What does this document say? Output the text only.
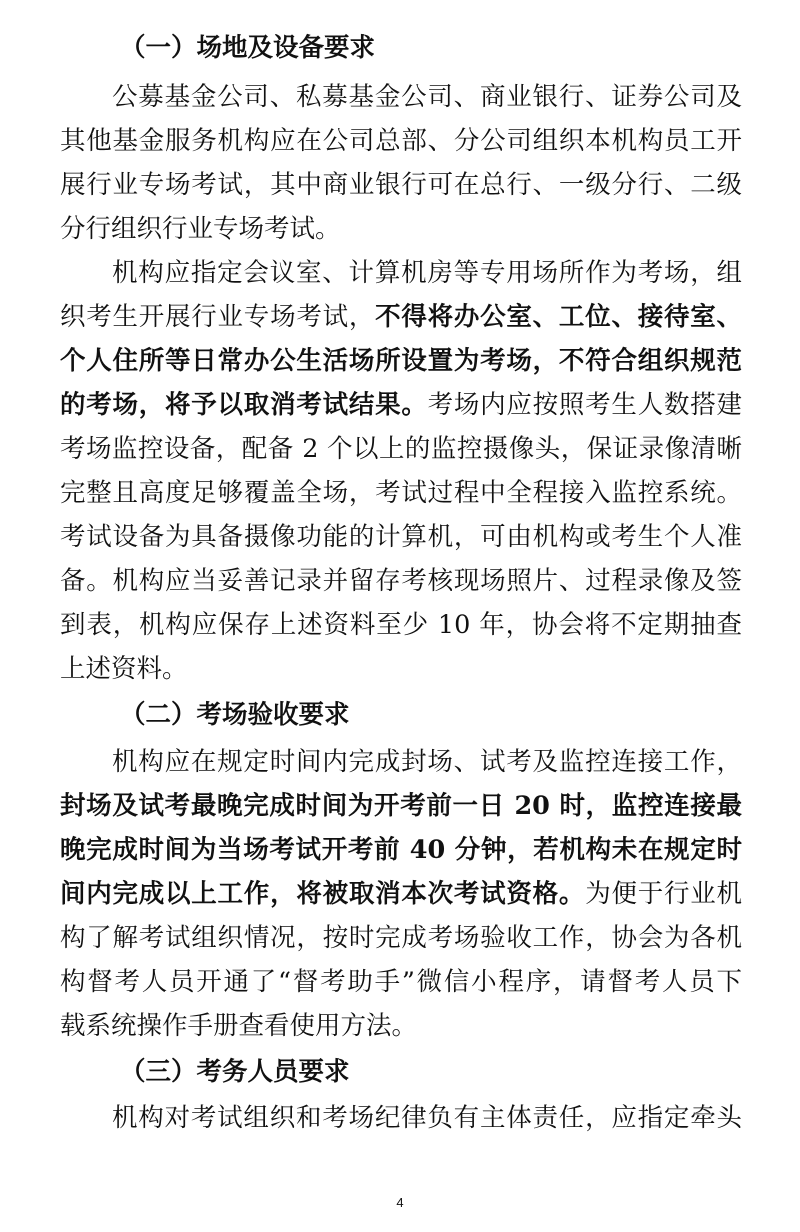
（一）场地及设备要求
公募基金公司、私募基金公司、商业银行、证券公司及
其他基金服务机构应在公司总部、分公司组织本机构员工开
展行业专场考试，其中商业银行可在总行、一级分行、二级
分行组织行业专场考试。
机构应指定会议室、计算机房等专用场所作为考场，组
织考生开展行业专场考试，不得将办公室、工位、接待室、
个人住所等日常办公生活场所设置为考场，不符合组织规范
的考场，将予以取消考试结果。考场内应按照考生人数搭建
考场监控设备，配备 2 个以上的监控摄像头，保证录像清晰
完整且高度足够覆盖全场，考试过程中全程接入监控系统。
考试设备为具备摄像功能的计算机，可由机构或考生个人准
备。机构应当妥善记录并留存考核现场照片、过程录像及签
到表，机构应保存上述资料至少 10 年，协会将不定期抽查
上述资料。
（二）考场验收要求
机构应在规定时间内完成封场、试考及监控连接工作，
封场及试考最晚完成时间为开考前一日 20 时，监控连接最
晚完成时间为当场考试开考前 40 分钟，若机构未在规定时
间内完成以上工作，将被取消本次考试资格。为便于行业机
构了解考试组织情况，按时完成考场验收工作，协会为各机
构督考人员开通了“督考助手”微信小程序，请督考人员下
载系统操作手册查看使用方法。
（三）考务人员要求
机构对考试组织和考场纪律负有主体责任，应指定牵头
4
